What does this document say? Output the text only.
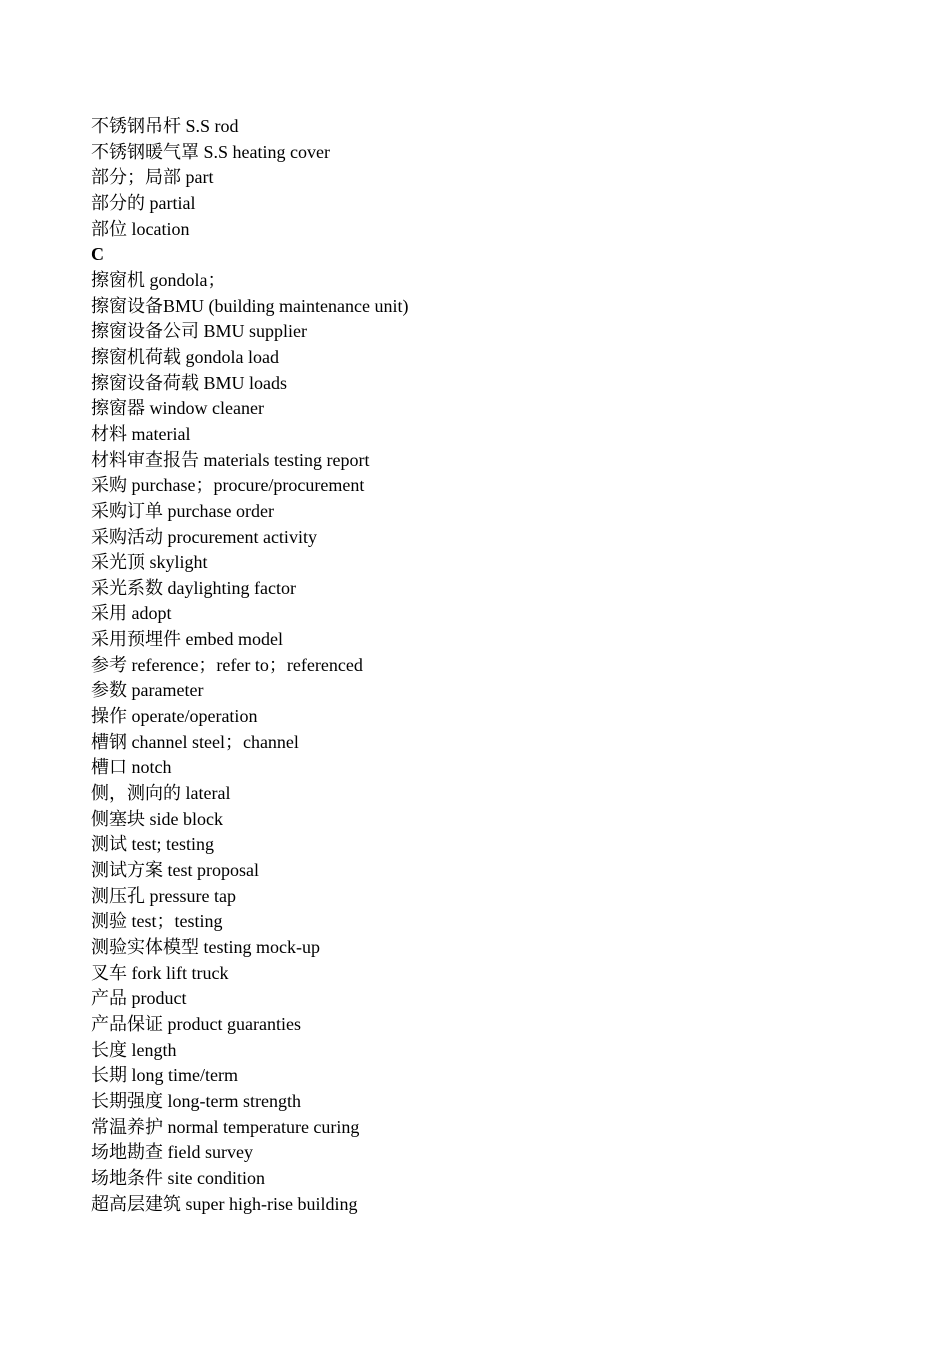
不锈钢吊杆 S.S rod
不锈钢暖气罩 S.S heating cover
部分；局部 part
部分的 partial
部位 location
C
擦窗机 gondola；
擦窗设备BMU (building maintenance unit)
擦窗设备公司 BMU supplier
擦窗机荷载 gondola load
擦窗设备荷载 BMU loads
擦窗器 window cleaner
材料 material
材料审查报告 materials testing report
采购 purchase；procure/procurement
采购订单 purchase order
采购活动 procurement activity
采光顶 skylight
采光系数 daylighting factor
采用 adopt
采用预埋件 embed model
参考 reference；refer to；referenced
参数 parameter
操作 operate/operation
槽钢 channel steel；channel
槽口 notch
侧，测向的 lateral
侧塞块 side block
测试 test; testing
测试方案 test proposal
测压孔 pressure tap
测验 test；testing
测验实体模型 testing mock-up
叉车 fork lift truck
产品 product
产品保证 product guaranties
长度 length
长期 long time/term
长期强度 long-term strength
常温养护 normal temperature curing
场地勘查 field survey
场地条件 site condition
超高层建筑 super high-rise building
